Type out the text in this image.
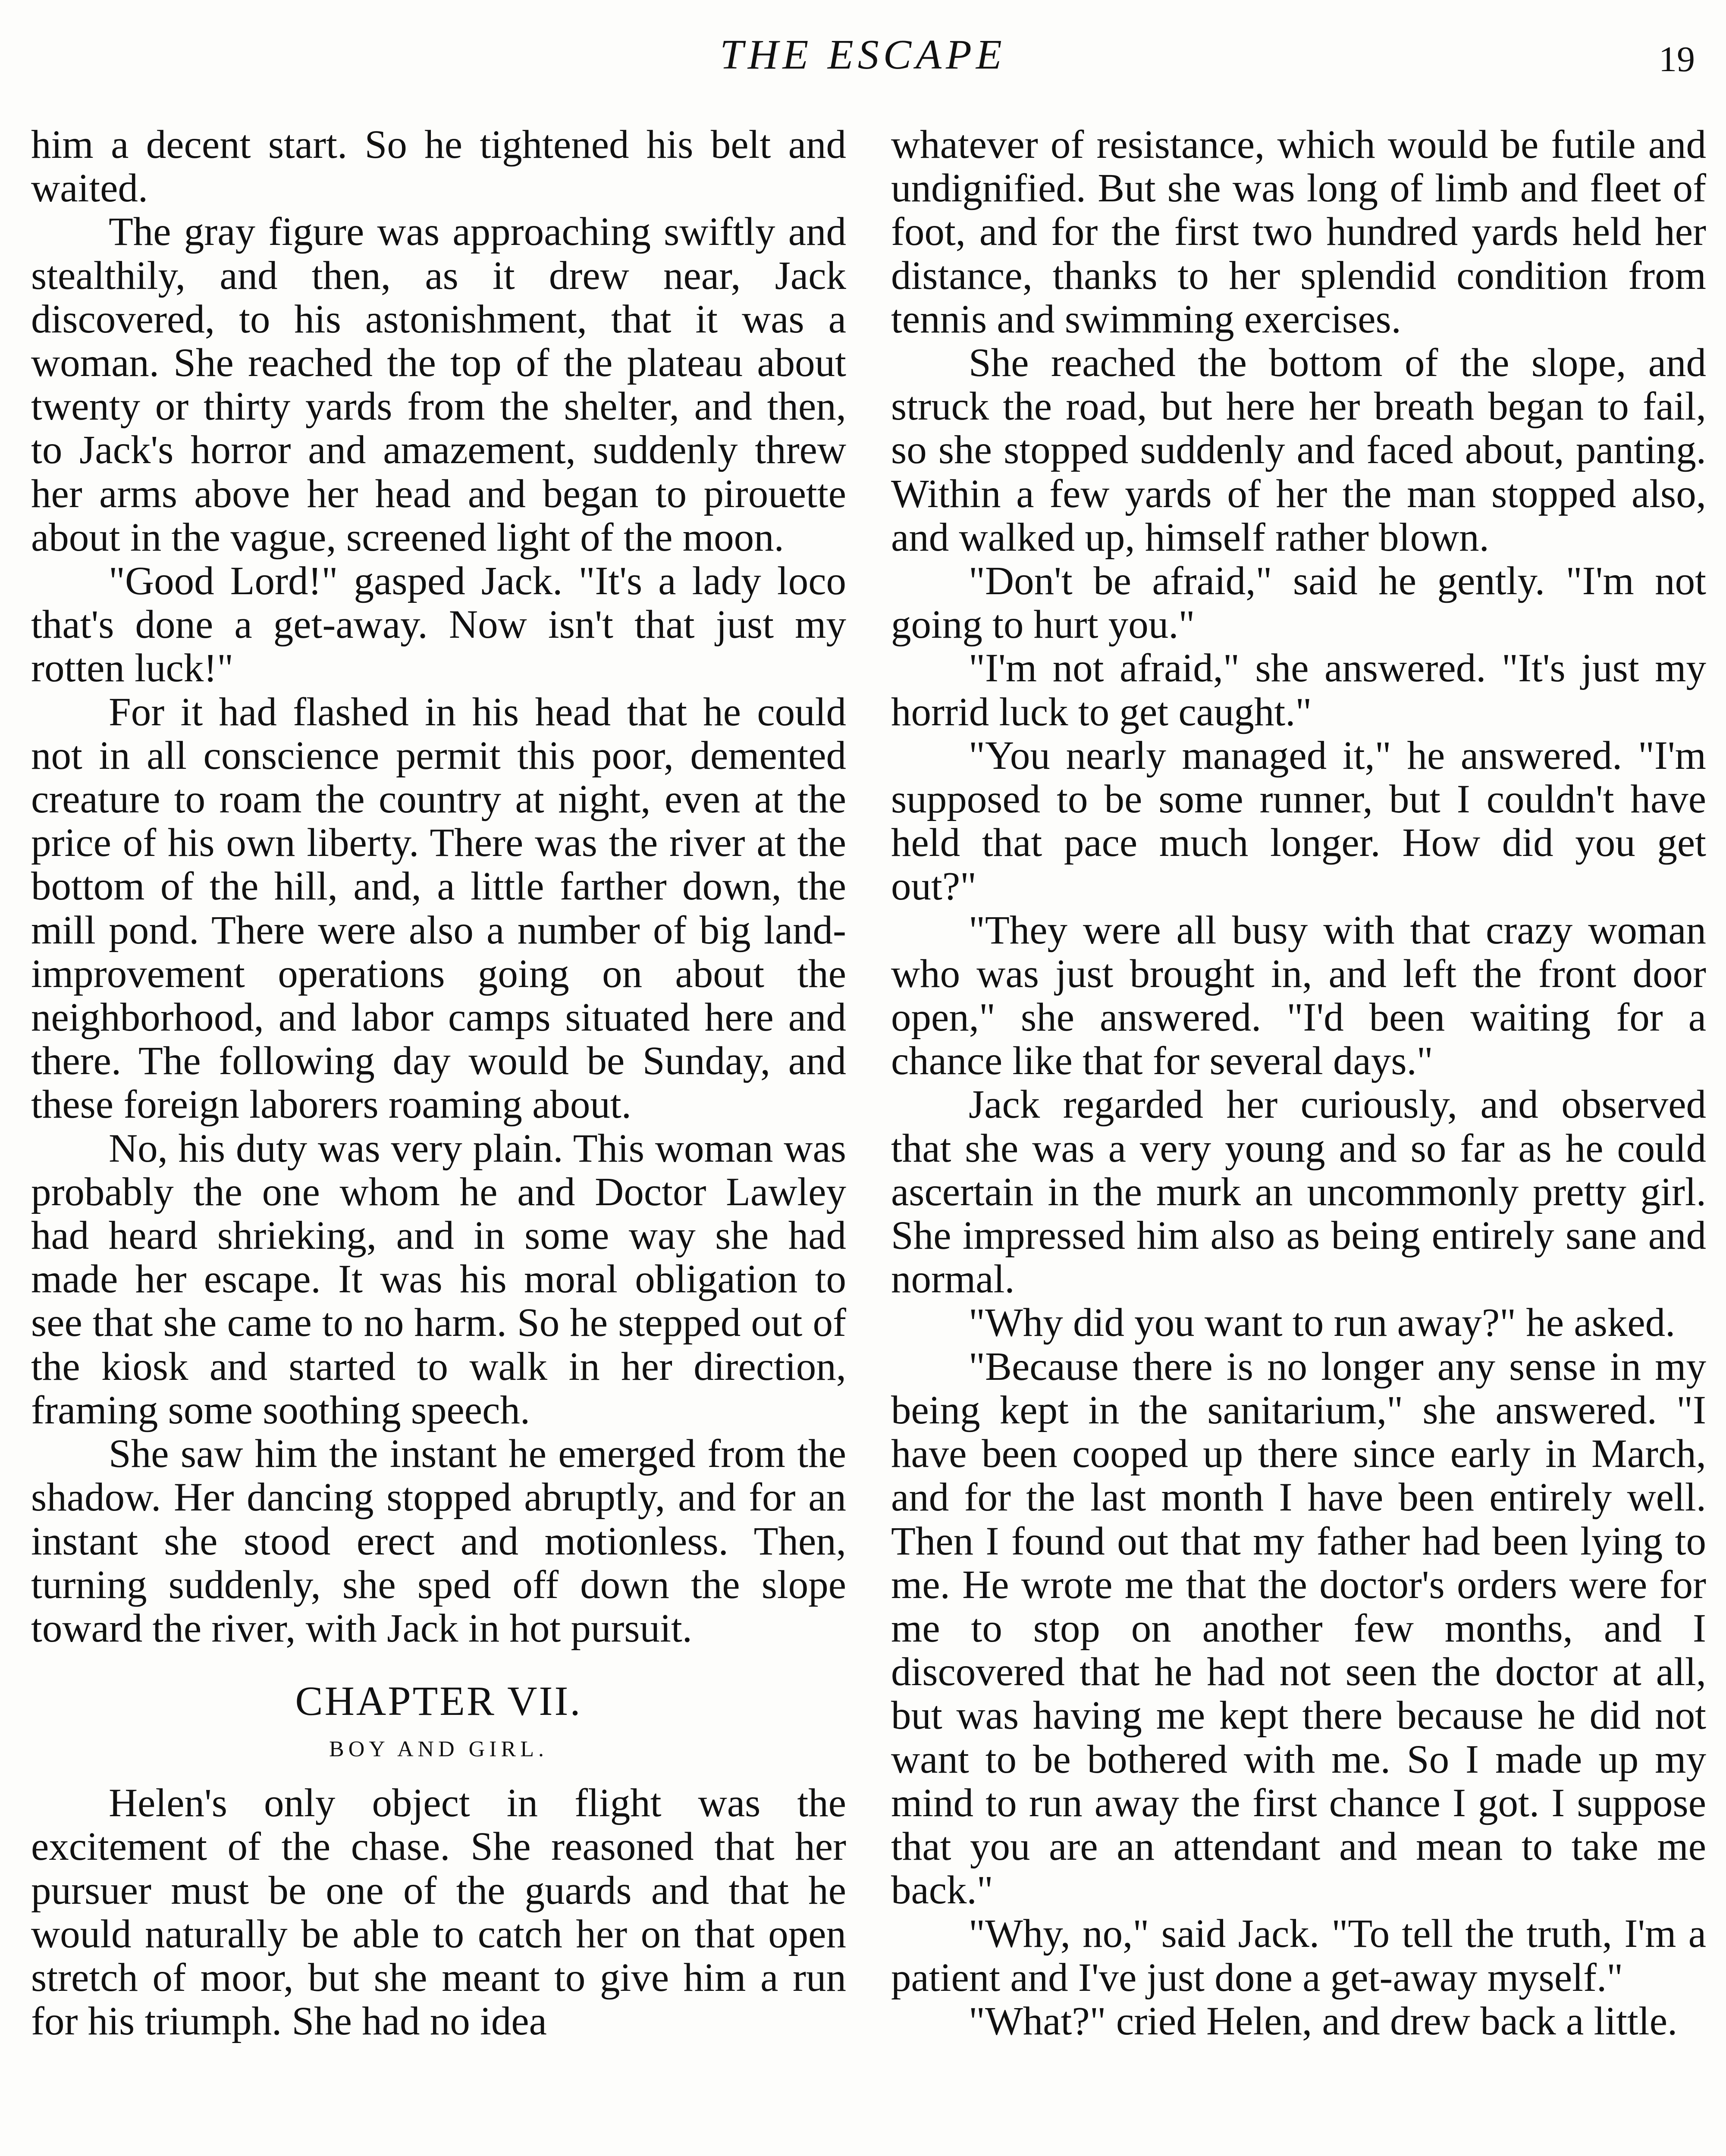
THE ESCAPE	19

him a decent start. So he tightened his belt and waited.

The gray figure was approaching swiftly and stealthily, and then, as it drew near, Jack discovered, to his astonishment, that it was a woman. She reached the top of the plateau about twenty or thirty yards from the shelter, and then, to Jack's horror and amazement, suddenly threw her arms above her head and began to pirouette about in the vague, screened light of the moon.

"Good Lord!" gasped Jack. "It's a lady loco that's done a get-away. Now isn't that just my rotten luck!"

For it had flashed in his head that he could not in all conscience permit this poor, demented creature to roam the country at night, even at the price of his own liberty. There was the river at the bottom of the hill, and, a little farther down, the mill pond. There were also a number of big land-improvement operations going on about the neighborhood, and labor camps situated here and there. The following day would be Sunday, and these foreign laborers roaming about.

No, his duty was very plain. This woman was probably the one whom he and Doctor Lawley had heard shrieking, and in some way she had made her escape. It was his moral obligation to see that she came to no harm. So he stepped out of the kiosk and started to walk in her direction, framing some soothing speech.

She saw him the instant he emerged from the shadow. Her dancing stopped abruptly, and for an instant she stood erect and motionless. Then, turning suddenly, she sped off down the slope toward the river, with Jack in hot pursuit.

CHAPTER VII.
BOY AND GIRL.

Helen's only object in flight was the excitement of the chase. She reasoned that her pursuer must be one of the guards and that he would naturally be able to catch her on that open stretch of moor, but she meant to give him a run for his triumph. She had no idea

whatever of resistance, which would be futile and undignified. But she was long of limb and fleet of foot, and for the first two hundred yards held her distance, thanks to her splendid condition from tennis and swimming exercises.

She reached the bottom of the slope, and struck the road, but here her breath began to fail, so she stopped suddenly and faced about, panting. Within a few yards of her the man stopped also, and walked up, himself rather blown.

"Don't be afraid," said he gently. "I'm not going to hurt you."

"I'm not afraid," she answered. "It's just my horrid luck to get caught."

"You nearly managed it," he answered. "I'm supposed to be some runner, but I couldn't have held that pace much longer. How did you get out?"

"They were all busy with that crazy woman who was just brought in, and left the front door open," she answered. "I'd been waiting for a chance like that for several days."

Jack regarded her curiously, and observed that she was a very young and so far as he could ascertain in the murk an uncommonly pretty girl. She impressed him also as being entirely sane and normal.

"Why did you want to run away?" he asked.

"Because there is no longer any sense in my being kept in the sanitarium," she answered. "I have been cooped up there since early in March, and for the last month I have been entirely well. Then I found out that my father had been lying to me. He wrote me that the doctor's orders were for me to stop on another few months, and I discovered that he had not seen the doctor at all, but was having me kept there because he did not want to be bothered with me. So I made up my mind to run away the first chance I got. I suppose that you are an attendant and mean to take me back."

"Why, no," said Jack. "To tell the truth, I'm a patient and I've just done a get-away myself."

"What?" cried Helen, and drew back a little.
